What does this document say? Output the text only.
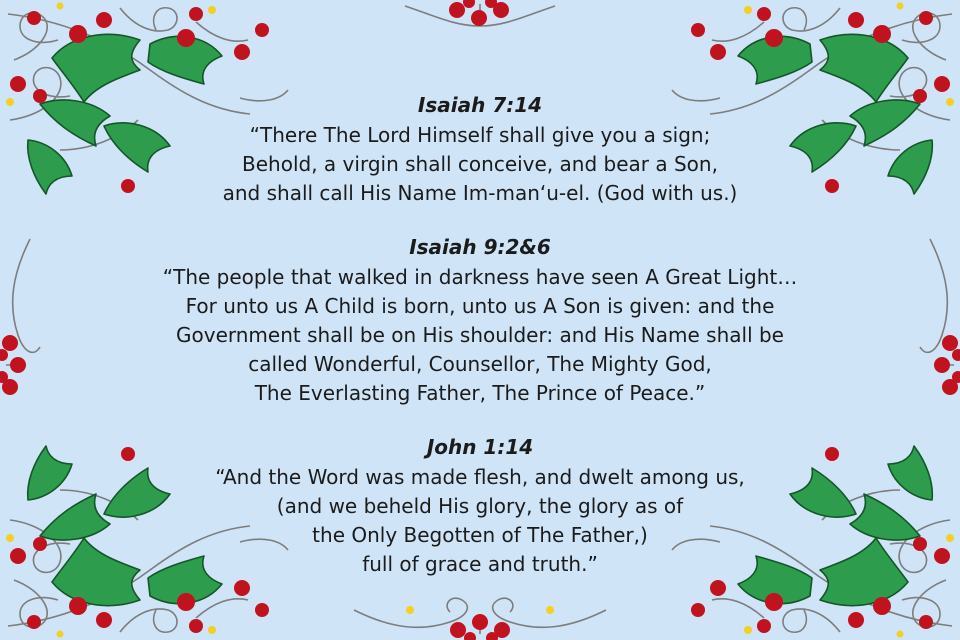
Isaiah 7:14
“There The Lord Himself shall give you a sign;
Behold, a virgin shall conceive, and bear a Son,
and shall call His Name Im-man‘u-el. (God with us.)
Isaiah 9:2&6
“The people that walked in darkness have seen A Great Light…
For unto us A Child is born, unto us A Son is given: and the
Government shall be on His shoulder: and His Name shall be
called Wonderful, Counsellor, The Mighty God,
The Everlasting Father, The Prince of Peace.”
John 1:14
“And the Word was made flesh, and dwelt among us,
(and we beheld His glory, the glory as of
the Only Begotten of The Father,)
full of grace and truth.”
